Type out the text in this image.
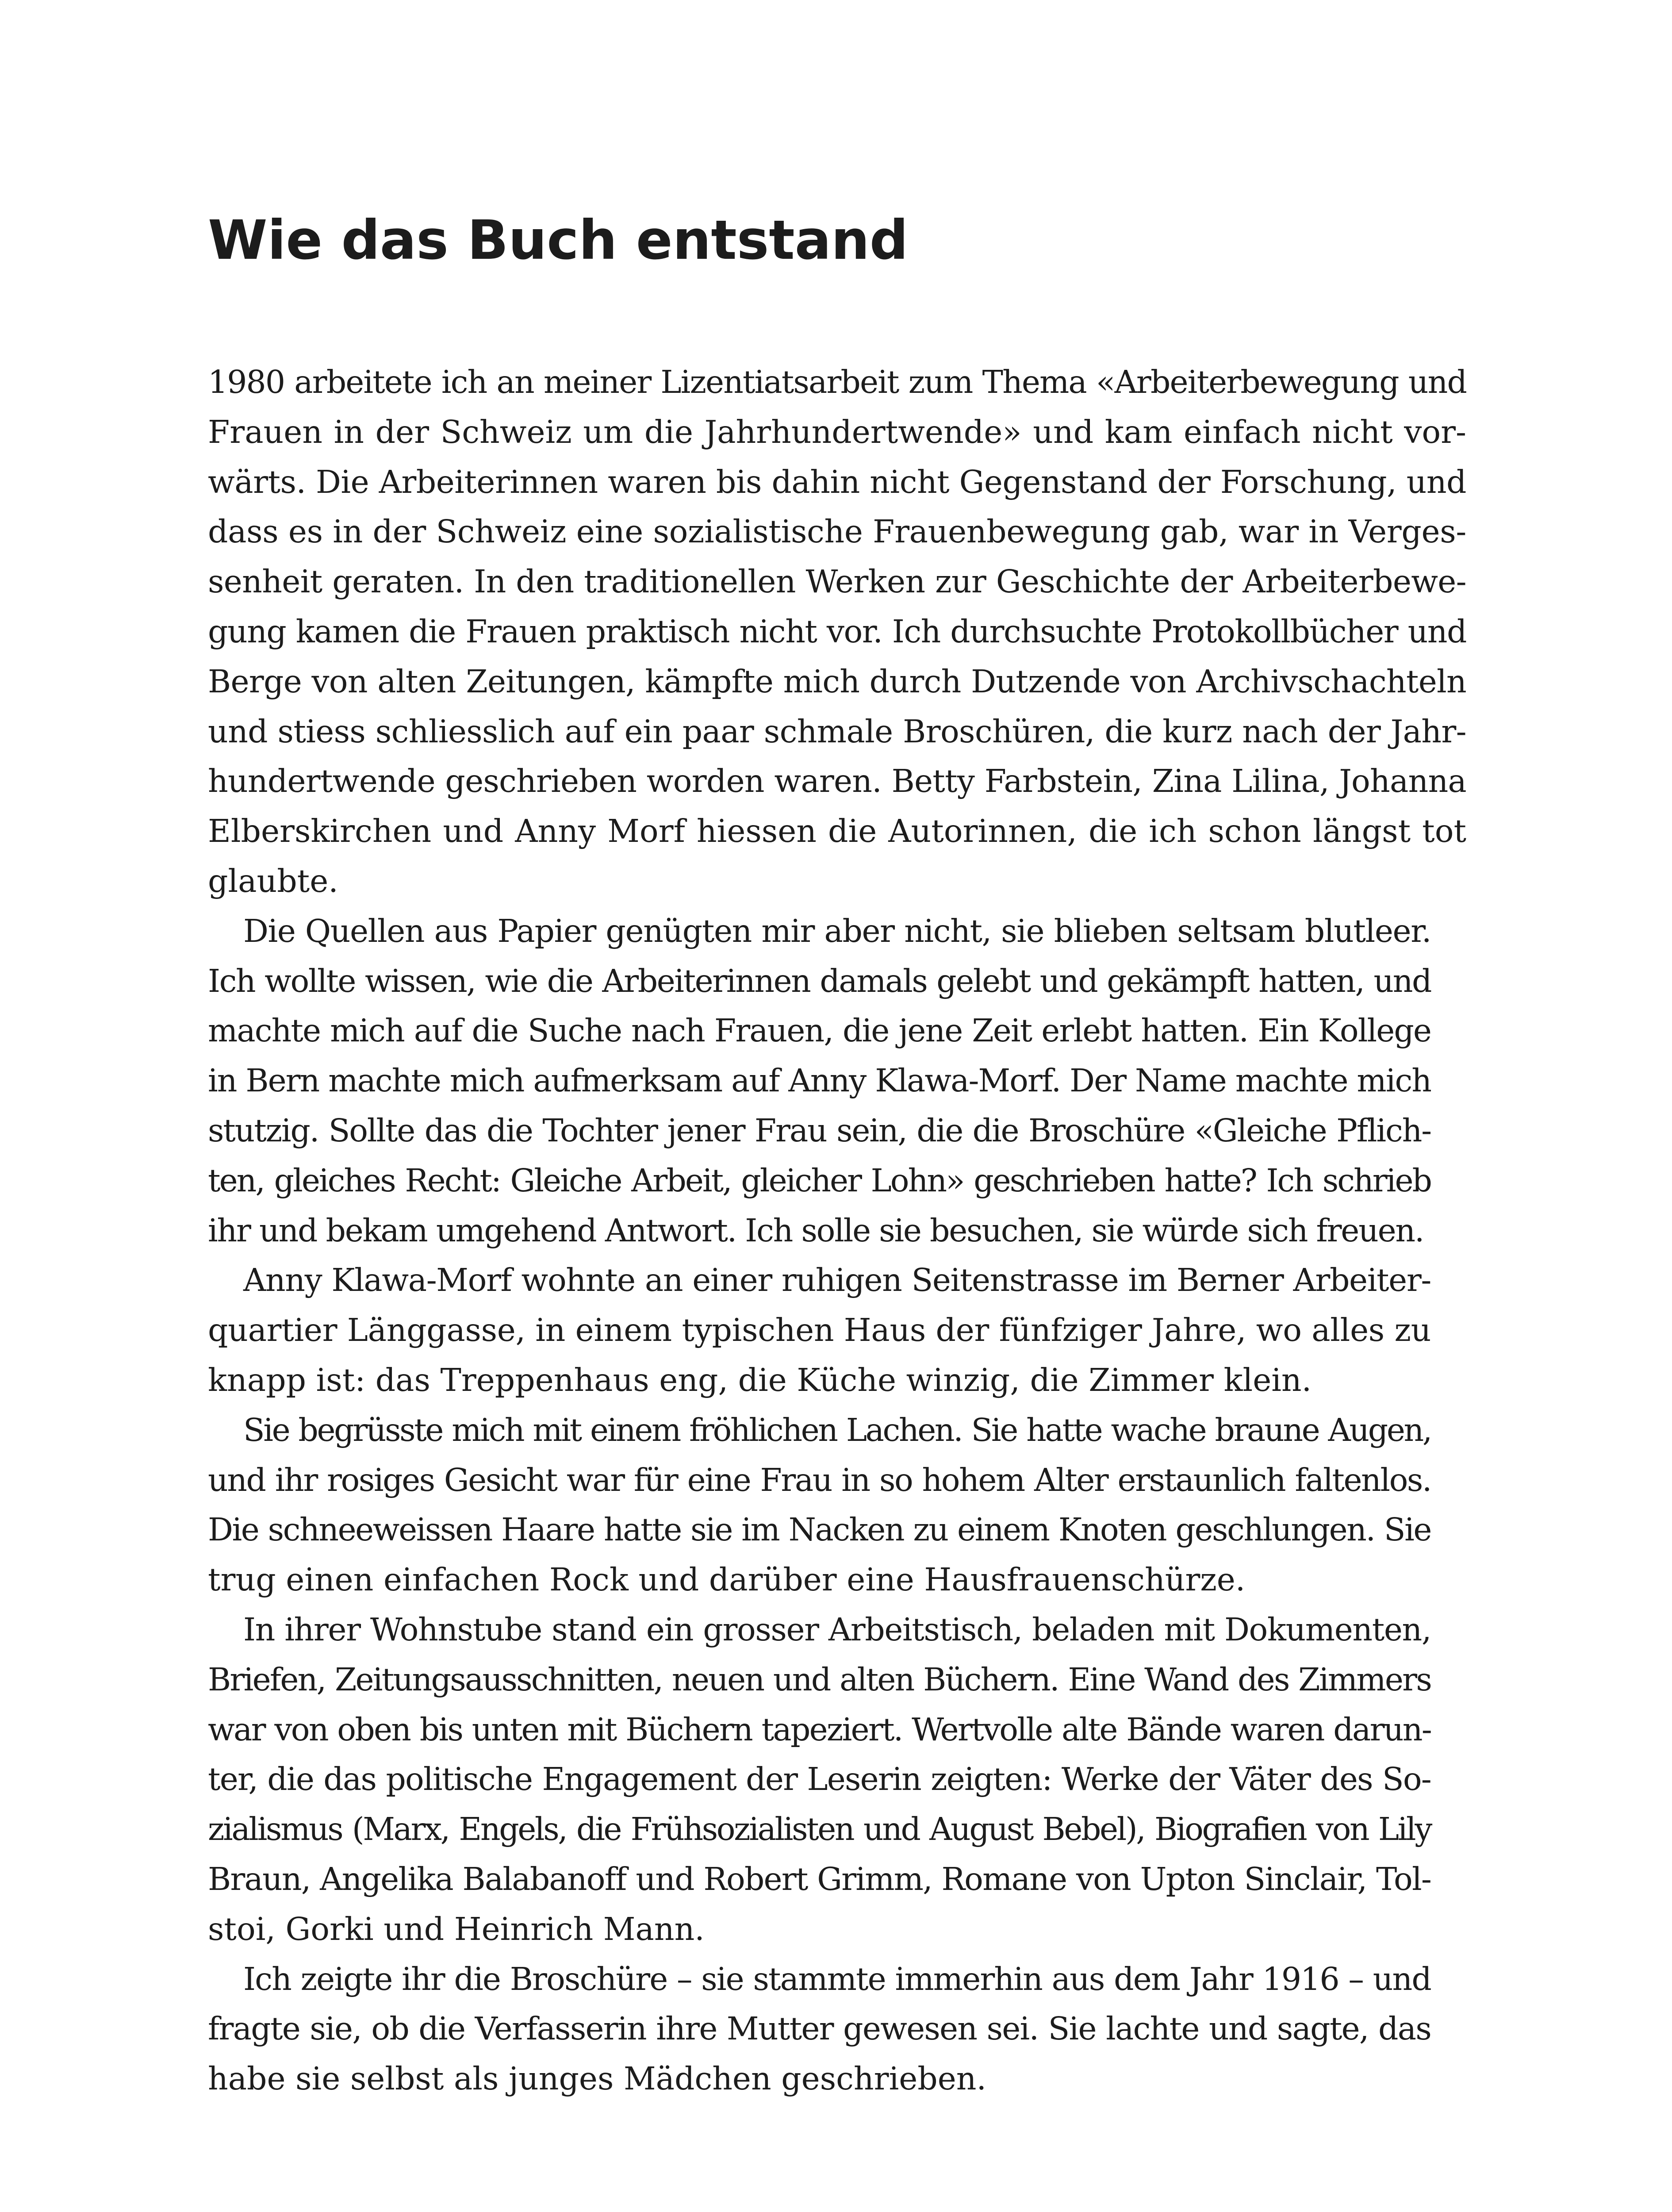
Wie das Buch entstand

1980 arbeitete ich an meiner Lizentiatsarbeit zum Thema «Arbeiterbewegung und
Frauen in der Schweiz um die Jahrhundertwende» und kam einfach nicht vor-
wärts. Die Arbeiterinnen waren bis dahin nicht Gegenstand der Forschung, und
dass es in der Schweiz eine sozialistische Frauenbewegung gab, war in Verges-
senheit geraten. In den traditionellen Werken zur Geschichte der Arbeiterbewe-
gung kamen die Frauen praktisch nicht vor. Ich durchsuchte Protokollbücher und
Berge von alten Zeitungen, kämpfte mich durch Dutzende von Archivschachteln
und stiess schliesslich auf ein paar schmale Broschüren, die kurz nach der Jahr-
hundertwende geschrieben worden waren. Betty Farbstein, Zina Lilina, Johanna
Elberskirchen und Anny Morf hiessen die Autorinnen, die ich schon längst tot
glaubte.

Die Quellen aus Papier genügten mir aber nicht, sie blieben seltsam blutleer.
Ich wollte wissen, wie die Arbeiterinnen damals gelebt und gekämpft hatten, und
machte mich auf die Suche nach Frauen, die jene Zeit erlebt hatten. Ein Kollege
in Bern machte mich aufmerksam auf Anny Klawa-Morf. Der Name machte mich
stutzig. Sollte das die Tochter jener Frau sein, die die Broschüre «Gleiche Pflich-
ten, gleiches Recht: Gleiche Arbeit, gleicher Lohn» geschrieben hatte? Ich schrieb
ihr und bekam umgehend Antwort. Ich solle sie besuchen, sie würde sich freuen.

Anny Klawa-Morf wohnte an einer ruhigen Seitenstrasse im Berner Arbeiter-
quartier Länggasse, in einem typischen Haus der fünfziger Jahre, wo alles zu
knapp ist: das Treppenhaus eng, die Küche winzig, die Zimmer klein.

Sie begrüsste mich mit einem fröhlichen Lachen. Sie hatte wache braune Augen,
und ihr rosiges Gesicht war für eine Frau in so hohem Alter erstaunlich faltenlos.
Die schneeweissen Haare hatte sie im Nacken zu einem Knoten geschlungen. Sie
trug einen einfachen Rock und darüber eine Hausfrauenschürze.

In ihrer Wohnstube stand ein grosser Arbeitstisch, beladen mit Dokumenten,
Briefen, Zeitungsausschnitten, neuen und alten Büchern. Eine Wand des Zimmers
war von oben bis unten mit Büchern tapeziert. Wertvolle alte Bände waren darun-
ter, die das politische Engagement der Leserin zeigten: Werke der Väter des So-
zialismus (Marx, Engels, die Frühsozialisten und August Bebel), Biografien von Lily
Braun, Angelika Balabanoff und Robert Grimm, Romane von Upton Sinclair, Tol-
stoi, Gorki und Heinrich Mann.

Ich zeigte ihr die Broschüre – sie stammte immerhin aus dem Jahr 1916 – und
fragte sie, ob die Verfasserin ihre Mutter gewesen sei. Sie lachte und sagte, das
habe sie selbst als junges Mädchen geschrieben.
